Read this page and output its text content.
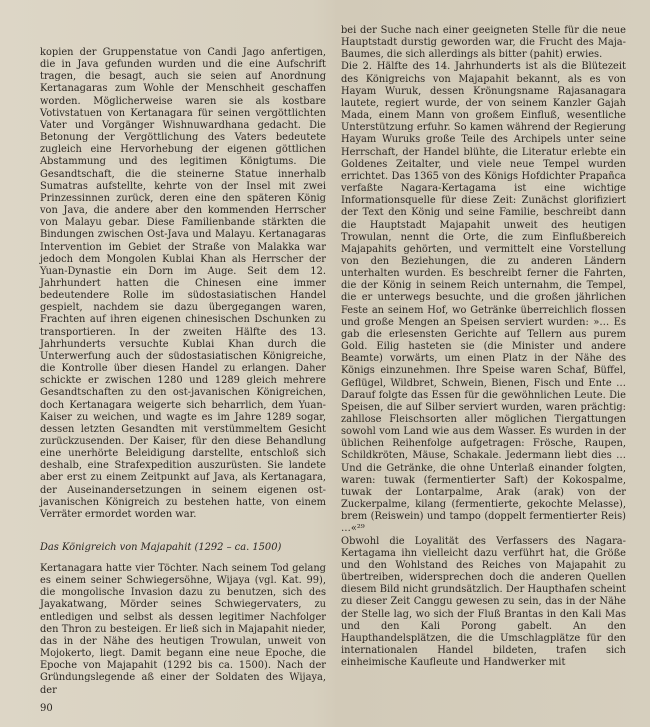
kopien der Gruppenstatue von Candi Jago anfertigen, die in Java gefunden wurden und die eine Aufschrift tragen, die besagt, auch sie seien auf Anordnung Kertanagaras zum Wohle der Menschheit geschaffen worden. Möglicherweise waren sie als kostbare Votivstatuen von Kertanagara für seinen vergöttlichten Vater und Vorgänger Wishnuwardhana gedacht. Die Betonung der Vergöttlichung des Vaters bedeutete zugleich eine Hervorhebung der eigenen göttlichen Abstammung und des legitimen Königtums. Die Gesandtschaft, die die steinerne Statue innerhalb Sumatras aufstellte, kehrte von der Insel mit zwei Prinzessinnen zurück, deren eine den späteren König von Java, die andere aber den kommenden Herrscher von Malayu gebar. Diese Familienbande stärkten die Bindungen zwischen Ost-Java und Malayu. Kertanagaras Intervention im Gebiet der Straße von Malakka war jedoch dem Mongolen Kublai Khan als Herrscher der Yuan-Dynastie ein Dorn im Auge. Seit dem 12. Jahrhundert hatten die Chinesen eine immer bedeutendere Rolle im südostasiatischen Handel gespielt, nachdem sie dazu übergegangen waren, Frachten auf ihren eigenen chinesischen Dschunken zu transportieren. In der zweiten Hälfte des 13. Jahrhunderts versuchte Kublai Khan durch die Unterwerfung auch der südostasiatischen Königreiche, die Kontrolle über diesen Handel zu erlangen. Daher schickte er zwischen 1280 und 1289 gleich mehrere Gesandtschaften zu den ost-javanischen Königreichen, doch Kertanagara weigerte sich beharrlich, dem Yuan-Kaiser zu weichen, und wagte es im Jahre 1289 sogar, dessen letzten Gesandten mit verstümmeltem Gesicht zurückzusenden. Der Kaiser, für den diese Behandlung eine unerhörte Beleidigung darstellte, entschloß sich deshalb, eine Strafexpedition auszurüsten. Sie landete aber erst zu einem Zeitpunkt auf Java, als Kertanagara, der Auseinandersetzungen in seinem eigenen ost-javanischen Königreich zu bestehen hatte, von einem Verräter ermordet worden war.

Das Königreich von Majapahit (1292 – ca. 1500)

Kertanagara hatte vier Töchter. Nach seinem Tod gelang es einem seiner Schwiegersöhne, Wijaya (vgl. Kat. 99), die mongolische Invasion dazu zu benutzen, sich des Jayakatwang, Mörder seines Schwiegervaters, zu entledigen und selbst als dessen legitimer Nachfolger den Thron zu besteigen. Er ließ sich in Majapahit nieder, das in der Nähe des heutigen Trowulan, unweit von Mojokerto, liegt. Damit begann eine neue Epoche, die Epoche von Majapahit (1292 bis ca. 1500). Nach der Gründungslegende aß einer der Soldaten des Wijaya, der

bei der Suche nach einer geeigneten Stelle für die neue Hauptstadt durstig geworden war, die Frucht des Maja-Baumes, die sich allerdings als bitter (pahit) erwies.

Die 2. Hälfte des 14. Jahrhunderts ist als die Blütezeit des Königreichs von Majapahit bekannt, als es von Hayam Wuruk, dessen Krönungsname Rajasanagara lautete, regiert wurde, der von seinem Kanzler Gajah Mada, einem Mann von großem Einfluß, wesentliche Unterstützung erfuhr. So kamen während der Regierung Hayam Wuruks große Teile des Archipels unter seine Herrschaft, der Handel blühte, die Literatur erlebte ein Goldenes Zeitalter, und viele neue Tempel wurden errichtet. Das 1365 von des Königs Hofdichter Prapañca verfaßte Nagara-Kertagama ist eine wichtige Informationsquelle für diese Zeit: Zunächst glorifiziert der Text den König und seine Familie, beschreibt dann die Hauptstadt Majapahit unweit des heutigen Trowulan, nennt die Orte, die zum Einflußbereich Majapahits gehörten, und vermittelt eine Vorstellung von den Beziehungen, die zu anderen Ländern unterhalten wurden. Es beschreibt ferner die Fahrten, die der König in seinem Reich unternahm, die Tempel, die er unterwegs besuchte, und die großen jährlichen Feste an seinem Hof, wo Getränke überreichlich flossen und große Mengen an Speisen serviert wurden: »… Es gab die erlesensten Gerichte auf Tellern aus purem Gold. Eilig hasteten sie (die Minister und andere Beamte) vorwärts, um einen Platz in der Nähe des Königs einzunehmen. Ihre Speise waren Schaf, Büffel, Geflügel, Wildbret, Schwein, Bienen, Fisch und Ente … Darauf folgte das Essen für die gewöhnlichen Leute. Die Speisen, die auf Silber serviert wurden, waren prächtig: zahllose Fleischsorten aller möglichen Tiergattungen sowohl vom Land wie aus dem Wasser. Es wurden in der üblichen Reihenfolge aufgetragen: Frösche, Raupen, Schildkröten, Mäuse, Schakale. Jedermann liebt dies … Und die Getränke, die ohne Unterlaß einander folgten, waren: tuwak (fermentierter Saft) der Kokospalme, tuwak der Lontarpalme, Arak (arak) von der Zuckerpalme, kilang (fermentierte, gekochte Melasse), brem (Reiswein) und tampo (doppelt fermentierter Reis) …«²⁹

Obwohl die Loyalität des Verfassers des Nagara-Kertagama ihn vielleicht dazu verführt hat, die Größe und den Wohlstand des Reiches von Majapahit zu übertreiben, widersprechen doch die anderen Quellen diesem Bild nicht grundsätzlich. Der Haupthafen scheint zu dieser Zeit Canggu gewesen zu sein, das in der Nähe der Stelle lag, wo sich der Fluß Brantas in den Kali Mas und den Kali Porong gabelt. An den Haupthandelsplätzen, die die Umschlagplätze für den internationalen Handel bildeten, trafen sich einheimische Kaufleute und Handwerker mit

90
